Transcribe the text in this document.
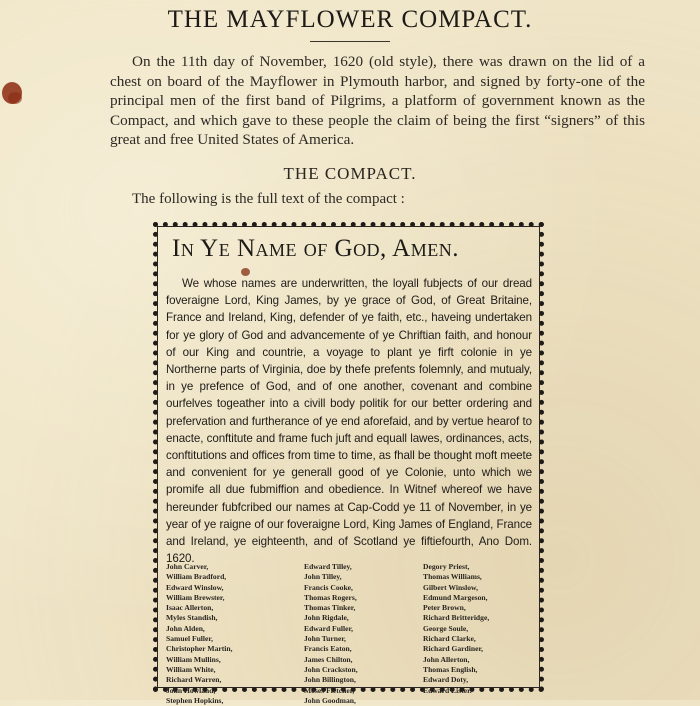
THE MAYFLOWER COMPACT.
On the 11th day of November, 1620 (old style), there was drawn on the lid of a chest on board of the Mayflower in Plymouth harbor, and signed by forty-one of the principal men of the first band of Pilgrims, a platform of government known as the Compact, and which gave to these people the claim of being the first “signers” of this great and free United States of America.
THE COMPACT.
The following is the full text of the compact :
In Ye Name of God, Amen.
We whose names are underwritten, the loyall fubjects of our dread foveraigne Lord, King James, by ye grace of God, of Great Britaine, France and Ireland, King, defender of ye faith, etc., haveing undertaken for ye glory of God and advancemente of ye Chriftian faith, and honour of our King and countrie, a voyage to plant ye firft colonie in ye Northerne parts of Virginia, doe by thefe prefents folemnly, and mutualy, in ye prefence of God, and of one another, covenant and combine ourfelves togeather into a civill body politik for our better ordering and prefervation and furtherance of ye end aforefaid, and by vertue hearof to enacte, conftitute and frame fuch juft and equall lawes, ordinances, acts, conftitutions and offices from time to time, as fhall be thought moft meete and convenient for ye generall good of ye Colonie, unto which we promife all due fubmiffion and obedience. In Witnef whereof we have hereunder fubfcribed our names at Cap-Codd ye 11 of November, in ye year of ye raigne of our foveraigne Lord, King James of England, France and Ireland, ye eighteenth, and of Scotland ye fiftiefourth, Ano Dom. 1620.
John Carver,
William Bradford,
Edward Winslow,
William Brewster,
Isaac Allerton,
Myles Standish,
John Alden,
Samuel Fuller,
Christopher Martin,
William Mullins,
William White,
Richard Warren,
John Howland,
Stephen Hopkins,
Edward Tilley,
John Tilley,
Francis Cooke,
Thomas Rogers,
Thomas Tinker,
John Rigdale,
Edward Fuller,
John Turner,
Francis Eaton,
James Chilton,
John Crackston,
John Billington,
Moses Fletcher,
John Goodman,
Degory Priest,
Thomas Williams,
Gilbert Winslow,
Edmund Margeson,
Peter Brown,
Richard Britteridge,
George Soule,
Richard Clarke,
Richard Gardiner,
John Allerton,
Thomas English,
Edward Doty,
Edward Lister.
